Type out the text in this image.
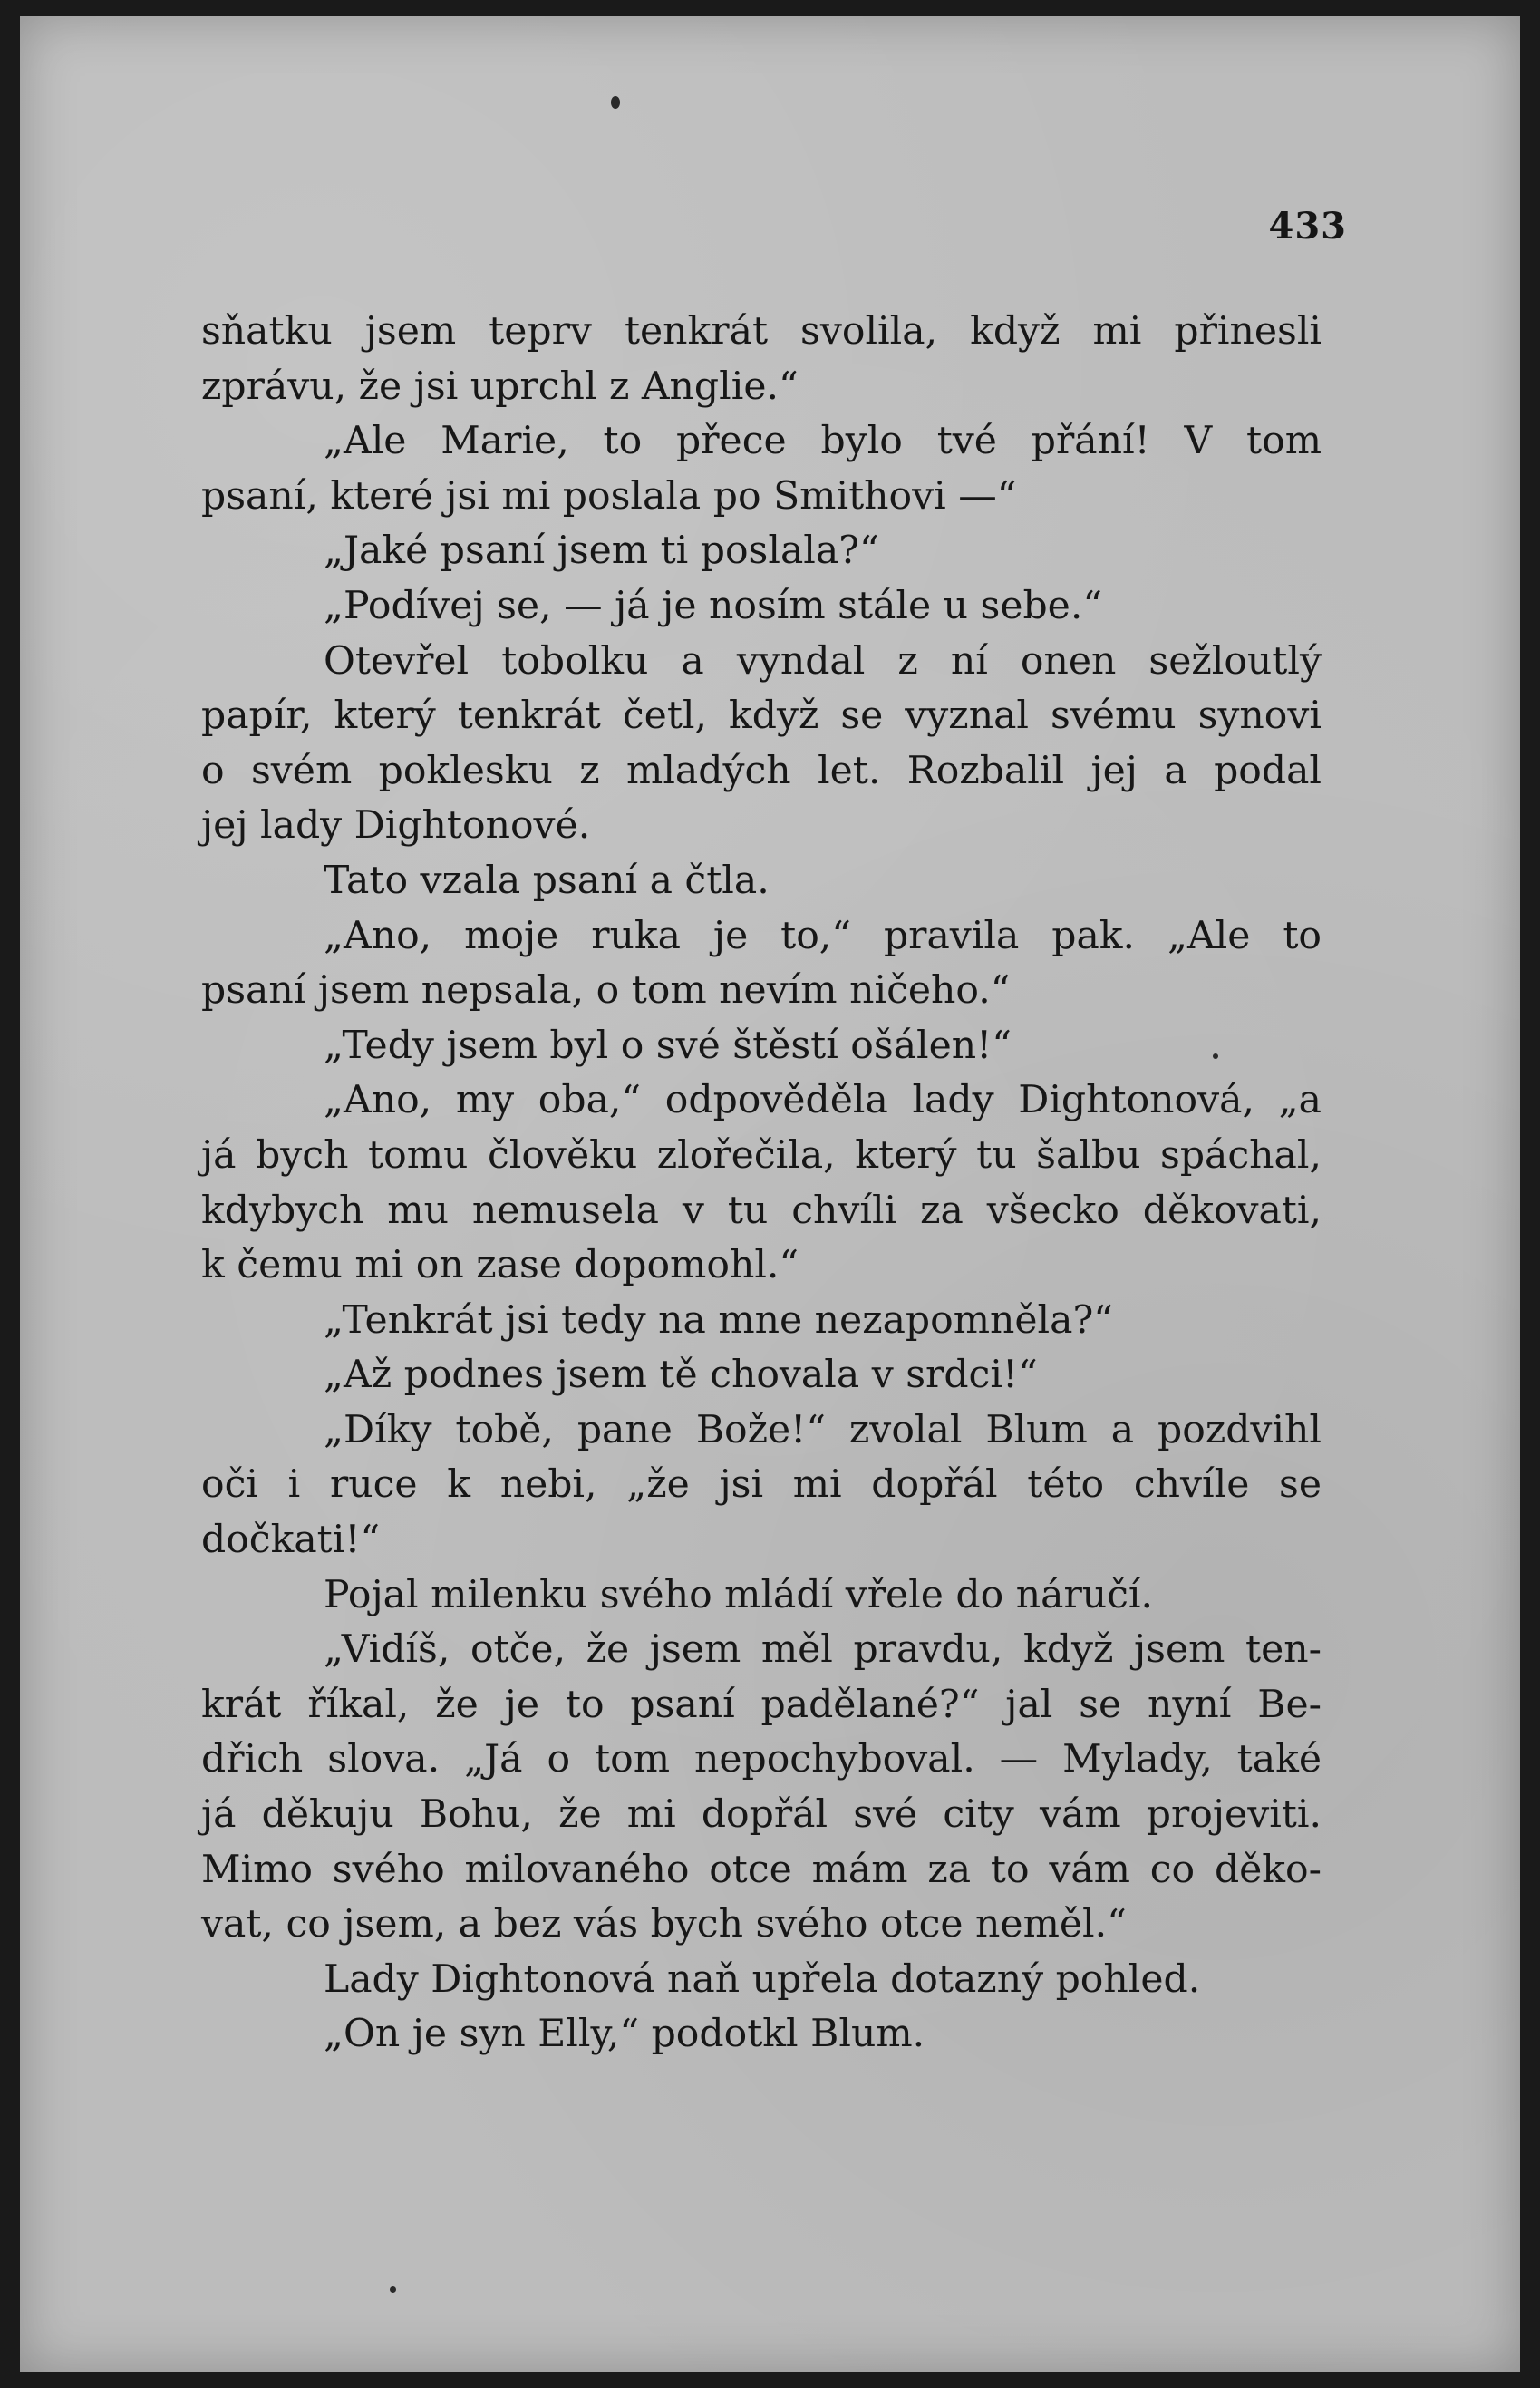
433
sňatku jsem teprv tenkrát svolila, když mi přinesli
zprávu, že jsi uprchl z Anglie.“
„Ale Marie, to přece bylo tvé přání! V tom
psaní, které jsi mi poslala po Smithovi —“
„Jaké psaní jsem ti poslala?“
„Podívej se, — já je nosím stále u sebe.“
Otevřel tobolku a vyndal z ní onen sežloutlý
papír, který tenkrát četl, když se vyznal svému synovi
o svém poklesku z mladých let. Rozbalil jej a podal
jej lady Dightonové.
Tato vzala psaní a čtla.
„Ano, moje ruka je to,“ pravila pak. „Ale to
psaní jsem nepsala, o tom nevím ničeho.“
„Tedy jsem byl o své štěstí ošálen!“
„Ano, my oba,“ odpověděla lady Dightonová, „a
já bych tomu člověku zlořečila, který tu šalbu spáchal,
kdybych mu nemusela v tu chvíli za všecko děkovati,
k čemu mi on zase dopomohl.“
„Tenkrát jsi tedy na mne nezapomněla?“
„Až podnes jsem tě chovala v srdci!“
„Díky tobě, pane Bože!“ zvolal Blum a pozdvihl
oči i ruce k nebi, „že jsi mi dopřál této chvíle se
dočkati!“
Pojal milenku svého mládí vřele do náručí.
„Vidíš, otče, že jsem měl pravdu, když jsem ten-
krát říkal, že je to psaní padělané?“ jal se nyní Be-
dřich slova. „Já o tom nepochyboval. — Mylady, také
já děkuju Bohu, že mi dopřál své city vám projeviti.
Mimo svého milovaného otce mám za to vám co děko-
vat, co jsem, a bez vás bych svého otce neměl.“
Lady Dightonová naň upřela dotazný pohled.
„On je syn Elly,“ podotkl Blum.
